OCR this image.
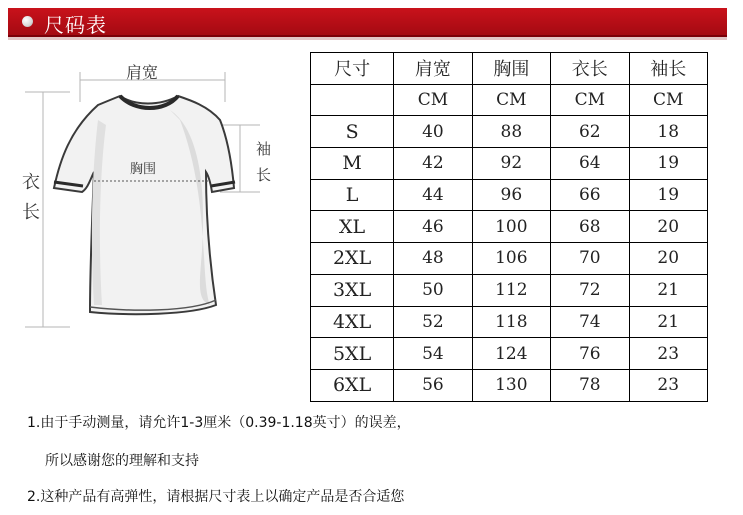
尺码表
肩宽
胸围
衣长
袖长
尺寸	肩宽	胸围	衣长	袖长
	CM	CM	CM	CM
S	40	88	62	18
M	42	92	64	19
L	44	96	66	19
XL	46	100	68	20
2XL	48	106	70	20
3XL	50	112	72	21
4XL	52	118	74	21
5XL	54	124	76	23
6XL	56	130	78	23
1.由于手动测量，请允许1-3厘米（0.39-1.18英寸）的误差，
所以感谢您的理解和支持
2.这种产品有高弹性，请根据尺寸表上以确定产品是否合适您
